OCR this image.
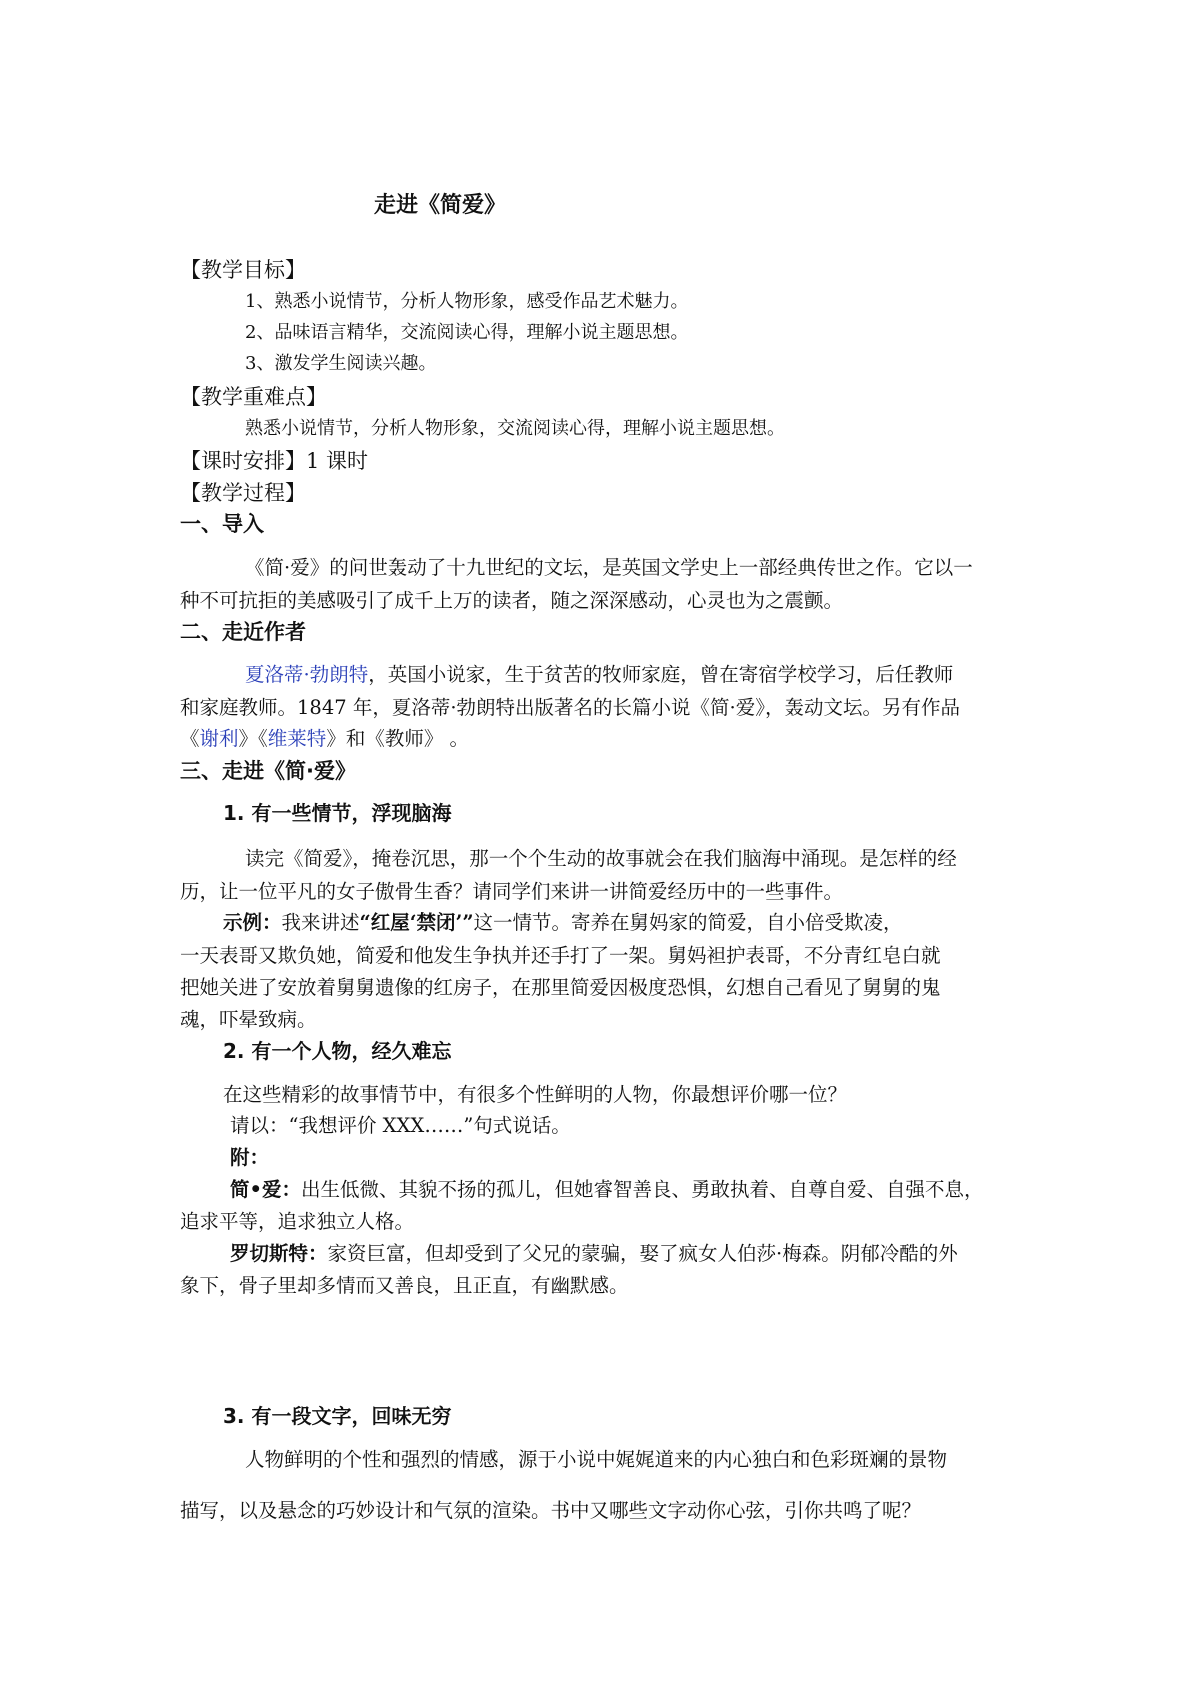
走进《简爱》
【教学目标】
1、熟悉小说情节，分析人物形象，感受作品艺术魅力。
2、品味语言精华，交流阅读心得，理解小说主题思想。
3、激发学生阅读兴趣。
【教学重难点】
熟悉小说情节，分析人物形象，交流阅读心得，理解小说主题思想。
【课时安排】1 课时
【教学过程】
一、导入
《简·爱》的问世轰动了十九世纪的文坛，是英国文学史上一部经典传世之作。它以一
种不可抗拒的美感吸引了成千上万的读者，随之深深感动，心灵也为之震颤。
二、走近作者
夏洛蒂·勃朗特，英国小说家，生于贫苦的牧师家庭，曾在寄宿学校学习，后任教师
和家庭教师。1847 年，夏洛蒂·勃朗特出版著名的长篇小说《简·爱》，轰动文坛。另有作品
《谢利》《维莱特》和《教师》 。
三、走进《简·爱》
1. 有一些情节，浮现脑海
读完《简爱》，掩卷沉思，那一个个生动的故事就会在我们脑海中涌现。是怎样的经
历，让一位平凡的女子傲骨生香？请同学们来讲一讲简爱经历中的一些事件。
示例：我来讲述“红屋‘禁闭’”这一情节。寄养在舅妈家的简爱，自小倍受欺凌，
一天表哥又欺负她，简爱和他发生争执并还手打了一架。舅妈袒护表哥，不分青红皂白就
把她关进了安放着舅舅遗像的红房子，在那里简爱因极度恐惧，幻想自己看见了舅舅的鬼
魂，吓晕致病。
2. 有一个人物，经久难忘
在这些精彩的故事情节中，有很多个性鲜明的人物，你最想评价哪一位？
请以：“我想评价 XXX……”句式说话。
附：
简•爱：出生低微、其貌不扬的孤儿，但她睿智善良、勇敢执着、自尊自爱、自强不息，
追求平等，追求独立人格。
罗切斯特：家资巨富，但却受到了父兄的蒙骗，娶了疯女人伯莎·梅森。阴郁冷酷的外
象下，骨子里却多情而又善良，且正直，有幽默感。
3. 有一段文字，回味无穷
人物鲜明的个性和强烈的情感，源于小说中娓娓道来的内心独白和色彩斑斓的景物
描写，以及悬念的巧妙设计和气氛的渲染。书中又哪些文字动你心弦，引你共鸣了呢？
